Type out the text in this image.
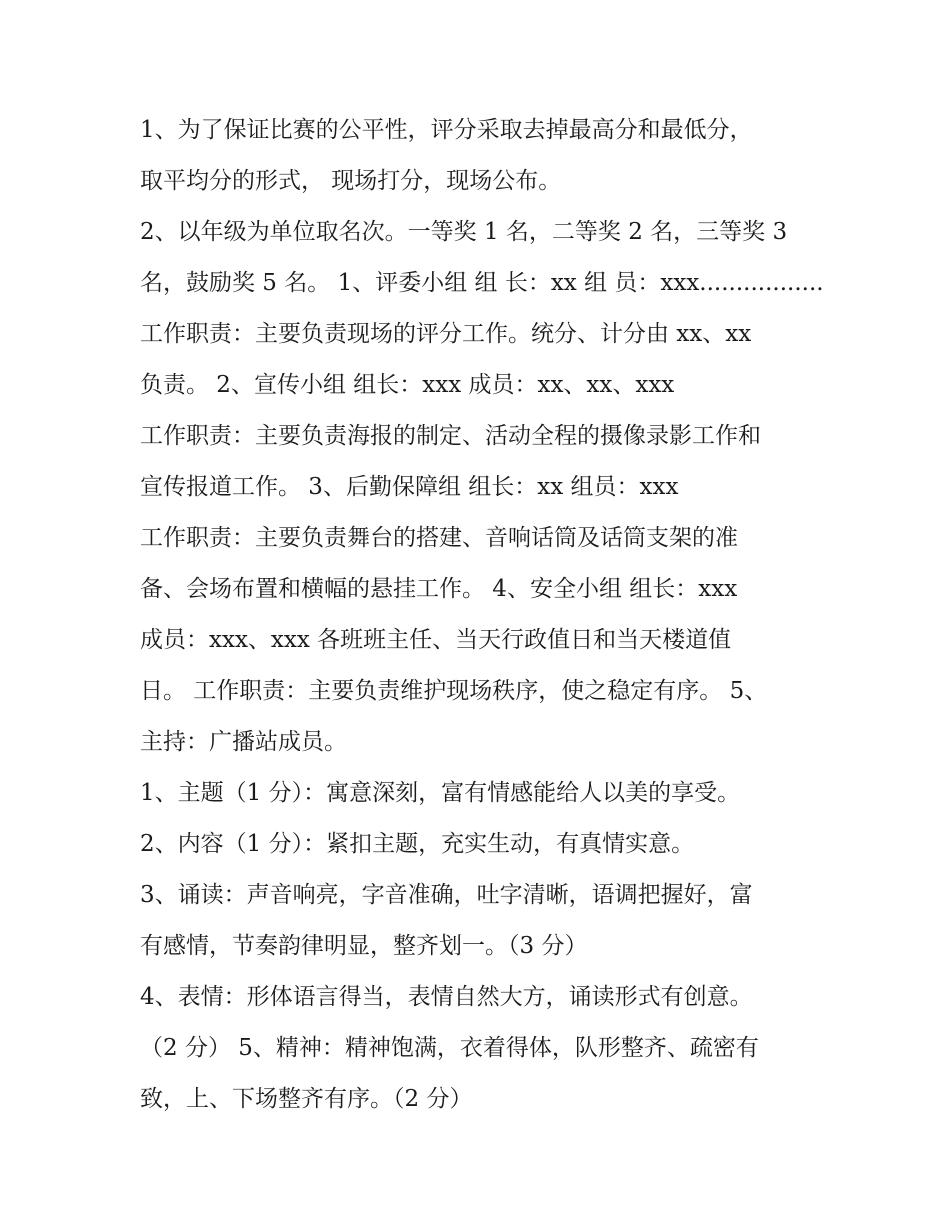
1、为了保证比赛的公平性，评分采取去掉最高分和最低分，
取平均分的形式， 现场打分，现场公布。
2、以年级为单位取名次。一等奖 1 名，二等奖 2 名，三等奖 3
名，鼓励奖 5 名。 1、评委小组 组 长：xx 组 员：xxx.................
工作职责：主要负责现场的评分工作。统分、计分由 xx、xx
负责。 2、宣传小组 组长：xxx 成员：xx、xx、xxx
工作职责：主要负责海报的制定、活动全程的摄像录影工作和
宣传报道工作。 3、后勤保障组 组长：xx 组员：xxx
工作职责：主要负责舞台的搭建、音响话筒及话筒支架的准
备、会场布置和横幅的悬挂工作。 4、安全小组 组长：xxx
成员：xxx、xxx 各班班主任、当天行政值日和当天楼道值
日。 工作职责：主要负责维护现场秩序，使之稳定有序。 5、
主持：广播站成员。
1、主题（1 分）：寓意深刻，富有情感能给人以美的享受。
2、内容（1 分）：紧扣主题，充实生动，有真情实意。
3、诵读：声音响亮，字音准确，吐字清晰，语调把握好，富
有感情，节奏韵律明显，整齐划一。（3 分）
4、表情：形体语言得当，表情自然大方，诵读形式有创意。
（2 分） 5、精神：精神饱满，衣着得体，队形整齐、疏密有
致，上、下场整齐有序。（2 分）
